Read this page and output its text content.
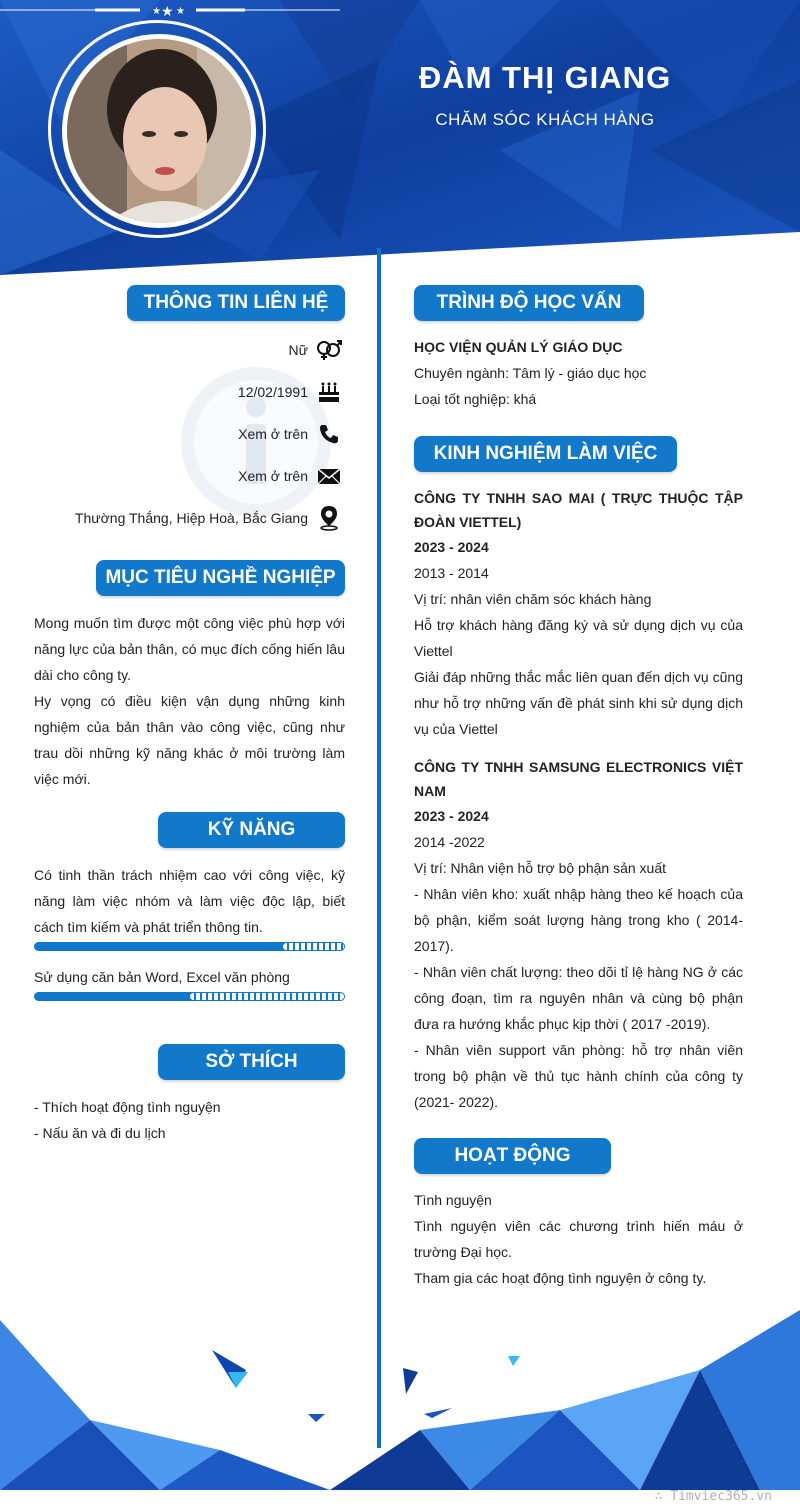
ĐÀM THỊ GIANG
CHĂM SÓC KHÁCH HÀNG
★ ★ ★
THÔNG TIN LIÊN HỆ
Nữ
12/02/1991
Xem ở trên
Xem ở trên
Thường Thắng, Hiệp Hoà, Bắc Giang
MỤC TIÊU NGHỀ NGHIỆP

Mong muốn tìm được một công việc phù hợp với năng lực của bản thân, có mục đích cống hiến lâu dài cho công ty.

Hy vọng có điều kiện vận dụng những kinh nghiệm của bản thân vào công việc, cũng như trau dồi những kỹ năng khác ở môi trường làm việc mới.

KỸ NĂNG
Có tinh thần trách nhiệm cao với công việc, kỹ năng làm việc nhóm và làm việc độc lập, biết cách tìm kiếm và phát triển thông tin.
Sử dụng căn bản Word, Excel văn phòng
SỞ THÍCH

- Thích hoạt động tình nguyện

- Nấu ăn và đi du lịch

TRÌNH ĐỘ HỌC VẤN
HỌC VIỆN QUẢN LÝ GIÁO DỤC
Chuyên ngành: Tâm lý - giáo dục học
Loại tốt nghiệp: khá
KINH NGHIỆM LÀM VIỆC
CÔNG TY TNHH SAO MAI ( TRỰC THUỘC TẬP ĐOÀN VIETTEL)
2023 - 2024
2013 - 2014
Vị trí: nhân viên chăm sóc khách hàng
Hỗ trợ khách hàng đăng ký và sử dụng dịch vụ của Viettel
Giải đáp những thắc mắc liên quan đến dịch vụ cũng như hỗ trợ những vấn đề phát sinh khi sử dụng dịch vụ của Viettel
CÔNG TY TNHH SAMSUNG ELECTRONICS VIỆT NAM
2023 - 2024
2014 -2022
Vị trí: Nhân viện hỗ trợ bộ phận sản xuất
- Nhân viên kho: xuất nhập hàng theo kế hoạch của bộ phận, kiểm soát lượng hàng trong kho ( 2014-2017).
- Nhân viên chất lượng: theo dõi tỉ lệ hàng NG ở các công đoạn, tìm ra nguyên nhân và cùng bộ phận đưa ra hướng khắc phục kịp thời ( 2017 -2019).
- Nhân viên support văn phòng: hỗ trợ nhân viên trong bộ phận về thủ tục hành chính của công ty (2021- 2022).
HOẠT ĐỘNG
Tình nguyện
Tình nguyện viên các chương trình hiến máu ở trường Đại học.
Tham gia các hoạt động tình nguyện ở công ty.
∴ Timviec365.vn
